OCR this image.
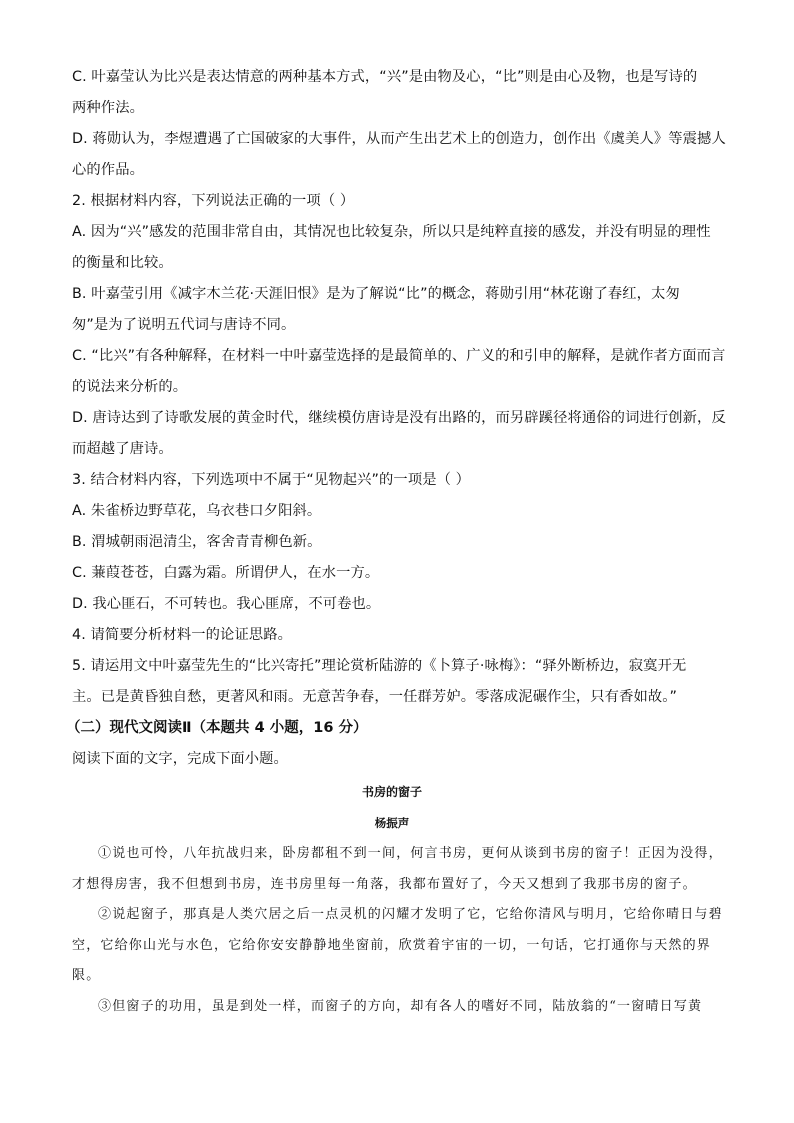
C. 叶嘉莹认为比兴是表达情意的两种基本方式，“兴”是由物及心，“比”则是由心及物，也是写诗的
两种作法。
D. 蒋勋认为，李煜遭遇了亡国破家的大事件，从而产生出艺术上的创造力，创作出《虞美人》等震撼人
心的作品。
2. 根据材料内容，下列说法正确的一项（ ）
A. 因为“兴”感发的范围非常自由，其情况也比较复杂，所以只是纯粹直接的感发，并没有明显的理性
的衡量和比较。
B. 叶嘉莹引用《减字木兰花·天涯旧恨》是为了解说“比”的概念，蒋勋引用“林花谢了春红，太匆
匆”是为了说明五代词与唐诗不同。
C. “比兴”有各种解释，在材料一中叶嘉莹选择的是最简单的、广义的和引申的解释，是就作者方面而言
的说法来分析的。
D. 唐诗达到了诗歌发展的黄金时代，继续模仿唐诗是没有出路的，而另辟蹊径将通俗的词进行创新，反
而超越了唐诗。
3. 结合材料内容，下列选项中不属于“见物起兴”的一项是（ ）
A. 朱雀桥边野草花，乌衣巷口夕阳斜。
B. 渭城朝雨浥清尘，客舍青青柳色新。
C. 蒹葭苍苍，白露为霜。所谓伊人，在水一方。
D. 我心匪石，不可转也。我心匪席，不可卷也。
4. 请简要分析材料一的论证思路。
5. 请运用文中叶嘉莹先生的“比兴寄托”理论赏析陆游的《卜算子·咏梅》：“驿外断桥边，寂寞开无
主。已是黄昏独自愁，更著风和雨。无意苦争春，一任群芳妒。零落成泥碾作尘，只有香如故。”
（二）现代文阅读Ⅱ（本题共 4 小题，16 分）
阅读下面的文字，完成下面小题。
书房的窗子
杨振声
①说也可怜，八年抗战归来，卧房都租不到一间，何言书房，更何从谈到书房的窗子！正因为没得，
才想得房害，我不但想到书房，连书房里每一角落，我都布置好了，今天又想到了我那书房的窗子。
②说起窗子，那真是人类穴居之后一点灵机的闪耀才发明了它，它给你清风与明月，它给你晴日与碧
空，它给你山光与水色，它给你安安静静地坐窗前，欣赏着宇宙的一切，一句话，它打通你与天然的界
限。
③但窗子的功用，虽是到处一样，而窗子的方向，却有各人的嗜好不同，陆放翁的“一窗晴日写黄
